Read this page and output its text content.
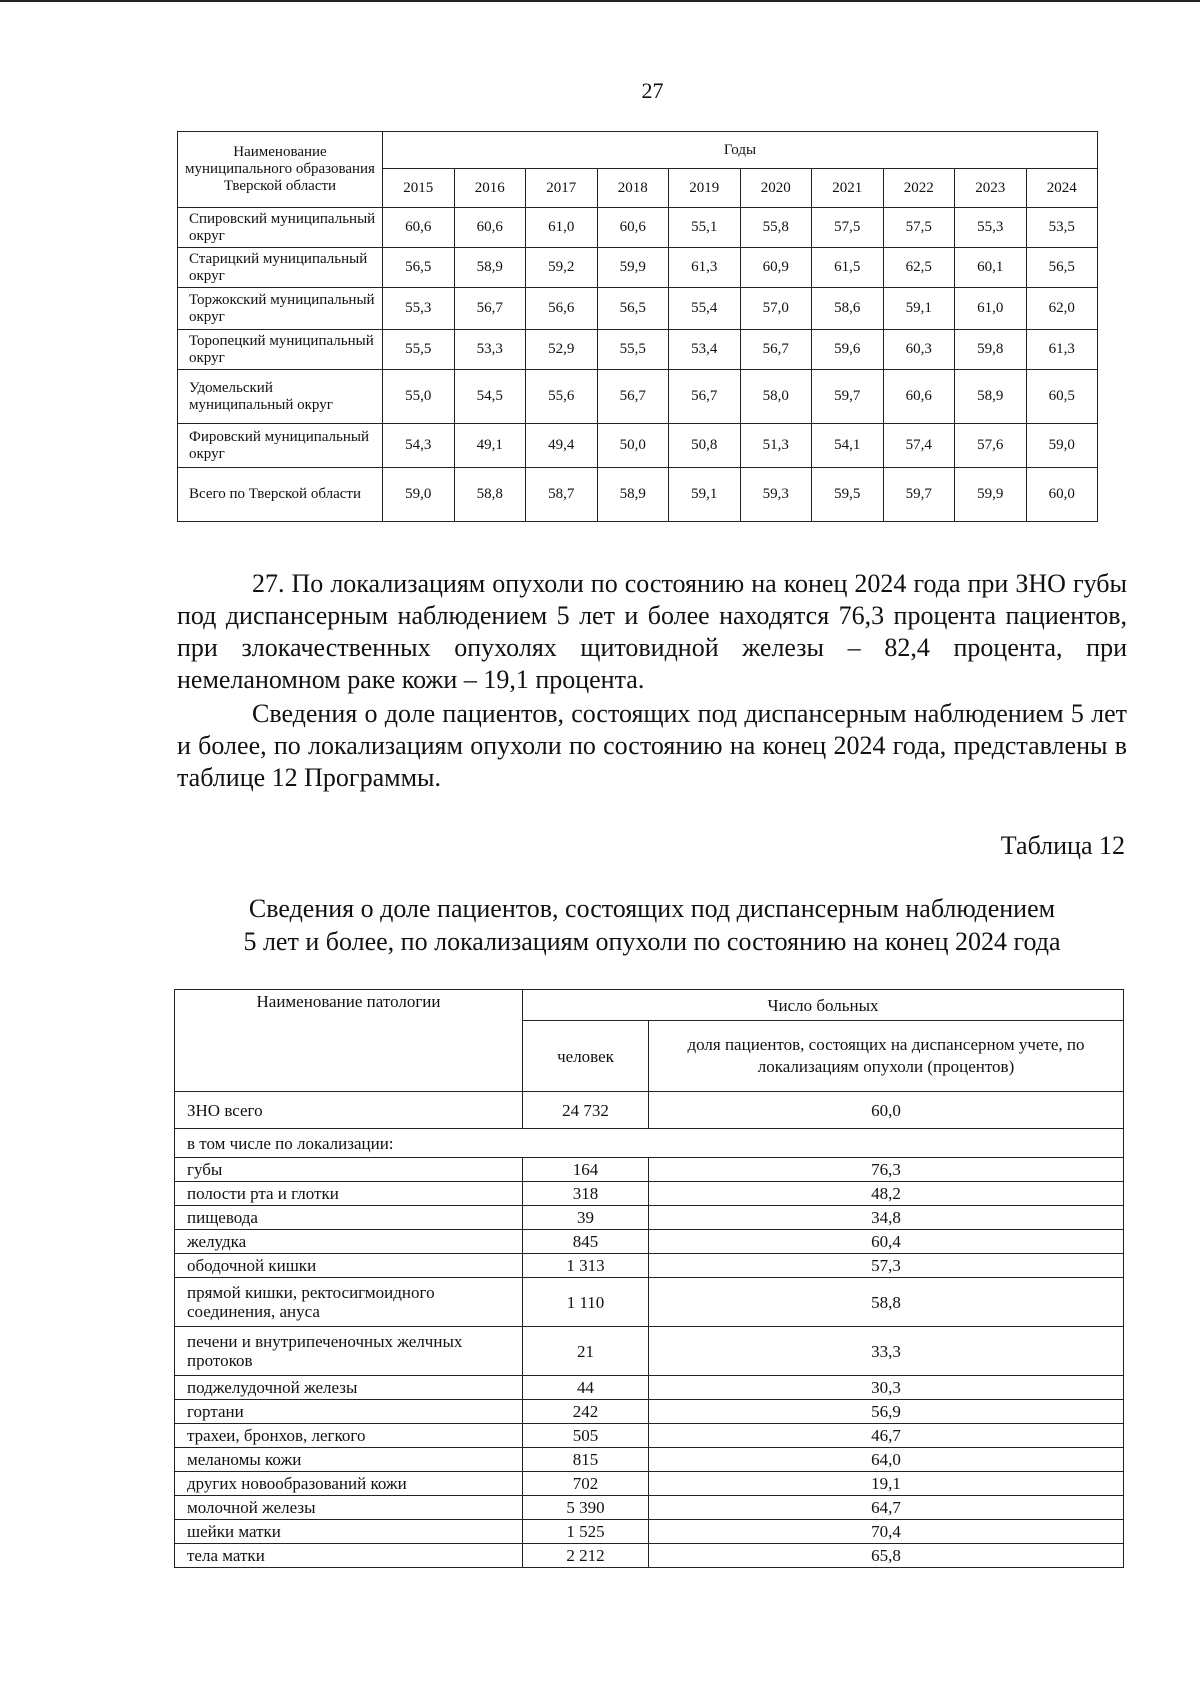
27
Наименование муниципального образования Тверской области	Годы									
	2015	2016	2017	2018	2019	2020	2021	2022	2023	2024
Спировский муниципальный округ	60,6	60,6	61,0	60,6	55,1	55,8	57,5	57,5	55,3	53,5
Старицкий муниципальный округ	56,5	58,9	59,2	59,9	61,3	60,9	61,5	62,5	60,1	56,5
Торжокский муниципальный округ	55,3	56,7	56,6	56,5	55,4	57,0	58,6	59,1	61,0	62,0
Торопецкий муниципальный округ	55,5	53,3	52,9	55,5	53,4	56,7	59,6	60,3	59,8	61,3
Удомельский муниципальный округ	55,0	54,5	55,6	56,7	56,7	58,0	59,7	60,6	58,9	60,5
Фировский муниципальный округ	54,3	49,1	49,4	50,0	50,8	51,3	54,1	57,4	57,6	59,0
Всего по Тверской области	59,0	58,8	58,7	58,9	59,1	59,3	59,5	59,7	59,9	60,0

27. По локализациям опухоли по состоянию на конец 2024 года при ЗНО губы под диспансерным наблюдением 5 лет и более находятся 76,3 процента пациентов, при злокачественных опухолях щитовидной железы – 82,4 процента, при немеланомном раке кожи – 19,1 процента.

Сведения о доле пациентов, состоящих под диспансерным наблюдением 5 лет и более, по локализациям опухоли по состоянию на конец 2024 года, представлены в таблице 12 Программы.

Таблица 12
Сведения о доле пациентов, состоящих под диспансерным наблюдением
5 лет и более, по локализациям опухоли по состоянию на конец 2024 года
Наименование патологии	Число больных	
	человек	доля пациентов, состоящих на диспансерном учете, по локализациям опухоли (процентов)
ЗНО всего	24 732	60,0
в том числе по локализации:		
губы	164	76,3
полости рта и глотки	318	48,2
пищевода	39	34,8
желудка	845	60,4
ободочной кишки	1 313	57,3
прямой кишки, ректосигмоидного соединения, ануса	1 110	58,8
печени и внутрипеченочных желчных протоков	21	33,3
поджелудочной железы	44	30,3
гортани	242	56,9
трахеи, бронхов, легкого	505	46,7
меланомы кожи	815	64,0
других новообразований кожи	702	19,1
молочной железы	5 390	64,7
шейки матки	1 525	70,4
тела матки	2 212	65,8
